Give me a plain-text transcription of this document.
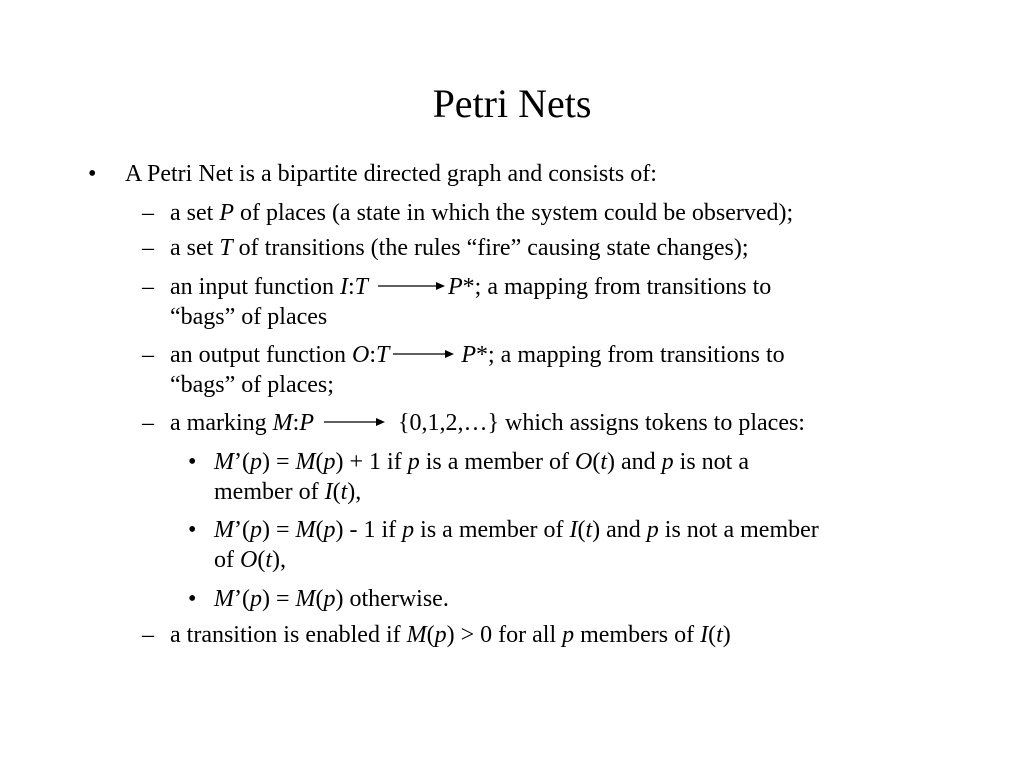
Petri Nets
• A Petri Net is a bipartite directed graph and consists of:
– a set P of places (a state in which the system could be observed);
– a set T of transitions (the rules “fire” causing state changes);
– an input function I:T	P*; a mapping from transitions to
“bags” of places
– an output function O:T	P*; a mapping from transitions to
“bags” of places;
– a marking M:P	{0,1,2,…} which assigns tokens to places:
• M’(p) = M(p) + 1 if p is a member of O(t) and p is not a
member of I(t),
• M’(p) = M(p) - 1 if p is a member of I(t) and p is not a member
of O(t),
• M’(p) = M(p) otherwise.
– a transition is enabled if M(p) > 0 for all p members of I(t)
